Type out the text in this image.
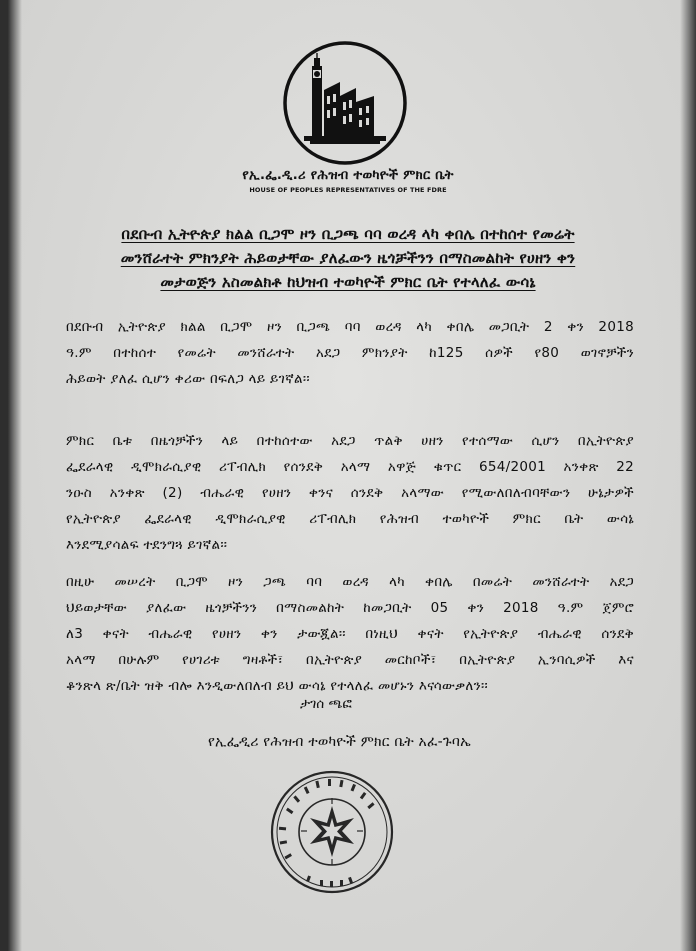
የኢ.ፌ.ዲ.ሪ የሕዝብ ተወካዮች ምክር ቤት
HOUSE OF PEOPLES REPRESENTATIVES OF THE FDRE
በደቡብ ኢትዮጵያ ክልል ቢጋሞ ዞን ቢጋጫ ባባ ወረዳ ላካ ቀበሌ በተከሰተ የመሬት
መንሸራተት ምክንያት ሕይወታቸው ያለፈውን ዜጎቻችንን በማስመልከት የሀዘን ቀን
መታወጅን አስመልክቶ ከህዝብ ተወካዮች ምክር ቤት የተላለፈ ውሳኔ
በደቡብ ኢትዮጵያ ክልል ቢጋሞ ዞን ቢጋጫ ባባ ወረዳ ላካ ቀበሌ መጋቢት 2 ቀን 2018
ዓ.ም በተከሰተ የመሬት መንሸራተት አደጋ ምክንያት ከ125 ሰዎች የ80 ወገኖቻችን
ሕይወት ያለፈ ሲሆን ቀሪው በፍለጋ ላይ ይገኛል፡፡
ምክር ቤቱ በዜጎቻችን ላይ በተከሰተው አደጋ ጥልቅ ሀዘን የተሰማው ሲሆን በኢትዮጵያ
ፌደራላዊ ዲሞክራሲያዊ ሪፐብሊክ የሰንደቅ አላማ አዋጅ ቁጥር 654/2001 አንቀጽ 22
ንዑስ አንቀጽ (2) ብሔራዊ የሀዘን ቀንና ሰንደቅ አላማው የሚውለበለብባቸውን ሁኔታዎች
የኢትዮጵያ ፌደራላዊ ዲሞክራሲያዊ ሪፐብሊክ የሕዝብ ተወካዮች ምክር ቤት ውሳኔ
እንደሚያሳልፍ ተደንግጓ ይገኛል፡፡
በዚሁ መሠረት ቢጋሞ ዞን ጋጫ ባባ ወረዳ ላካ ቀበሌ በመሬት መንሸራተት አደጋ
ህይወታቸው ያለፈው ዜጎቻችንን በማስመልከት ከመጋቢት 05 ቀን 2018 ዓ.ም ጀምሮ
ለ3 ቀናት ብሔራዊ የሀዘን ቀን ታውጇል፡፡ በነዚህ ቀናት የኢትዮጵያ ብሔራዊ ሰንደቅ
አላማ በሁሉም የሀገሪቱ ግዛቶች፣ በኢትዮጵያ መርከቦች፣ በኢትዮጵያ ኢንባሲዎች እና
ቆንጽላ ጽ/ቤት ዝቅ ብሎ እንዲውለበለብ ይህ ውሳኔ የተላለፈ መሆኑን እናሳውቃለን፡፡
ታገሰ ጫፎ
የኢፌዲሪ የሕዝብ ተወካዮች ምክር ቤት አፈ-ጉባኤ
